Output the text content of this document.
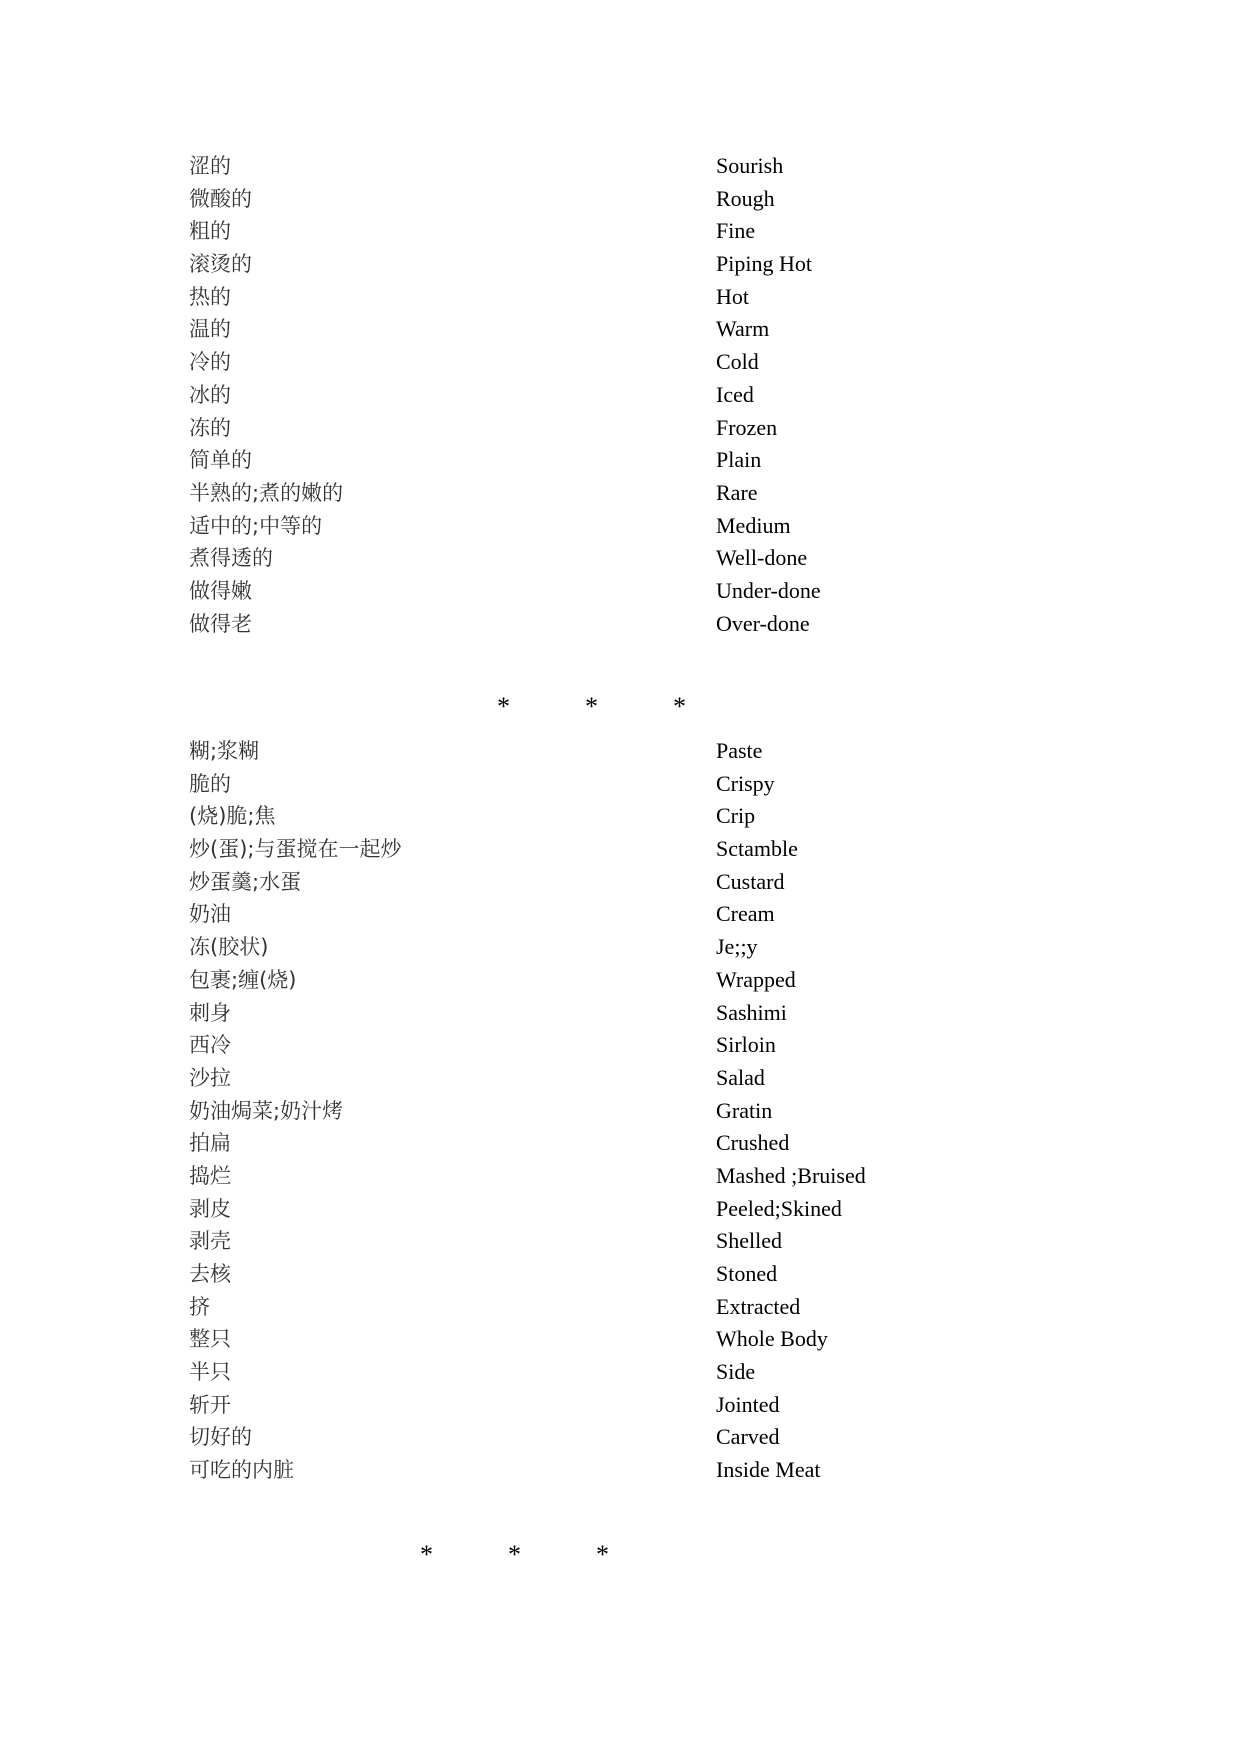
涩的	Sourish
微酸的	Rough
粗的	Fine
滚烫的	Piping Hot
热的	Hot
温的	Warm
冷的	Cold
冰的	Iced
冻的	Frozen
简单的	Plain
半熟的;煮的嫩的	Rare
适中的;中等的	Medium
煮得透的	Well-done
做得嫩	Under-done
做得老	Over-done
*	*	*
糊;浆糊	Paste
脆的	Crispy
(烧)脆;焦	Crip
炒(蛋);与蛋搅在一起炒	Sctamble
炒蛋羹;水蛋	Custard
奶油	Cream
冻(胶状)	Je;;y
包裹;缠(烧)	Wrapped
刺身	Sashimi
西冷	Sirloin
沙拉	Salad
奶油焗菜;奶汁烤	Gratin
拍扁	Crushed
捣烂	Mashed ;Bruised
剥皮	Peeled;Skined
剥壳	Shelled
去核	Stoned
挤	Extracted
整只	Whole Body
半只	Side
斩开	Jointed
切好的	Carved
可吃的内脏	Inside Meat
*	*	*
